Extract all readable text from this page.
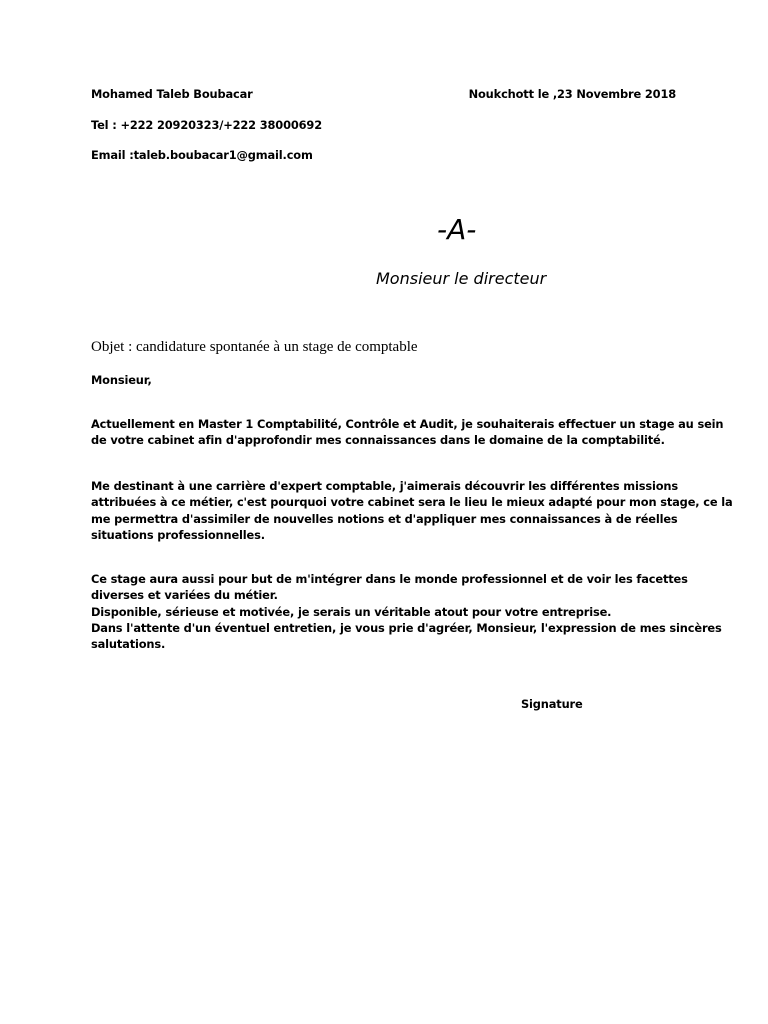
Mohamed Taleb Boubacar	Noukchott le ,23 Novembre 2018
Tel : +222 20920323/+222 38000692
Email :taleb.boubacar1@gmail.com
-A-
Monsieur le directeur
Objet : candidature spontanée à un stage de comptable
Monsieur,

Actuellement en Master 1 Comptabilité, Contrôle et Audit, je souhaiterais effectuer un stage au sein
de votre cabinet afin d'approfondir mes connaissances dans le domaine de la comptabilité.

Me destinant à une carrière d'expert comptable, j'aimerais découvrir les différentes missions
attribuées à ce métier, c'est pourquoi votre cabinet sera le lieu le mieux adapté pour mon stage, ce la
me permettra d'assimiler de nouvelles notions et d'appliquer mes connaissances à de réelles
situations professionnelles.

Ce stage aura aussi pour but de m'intégrer dans le monde professionnel et de voir les facettes
diverses et variées du métier.
Disponible, sérieuse et motivée, je serais un véritable atout pour votre entreprise.
Dans l'attente d'un éventuel entretien, je vous prie d'agréer, Monsieur, l'expression de mes sincères
salutations.

Signature
